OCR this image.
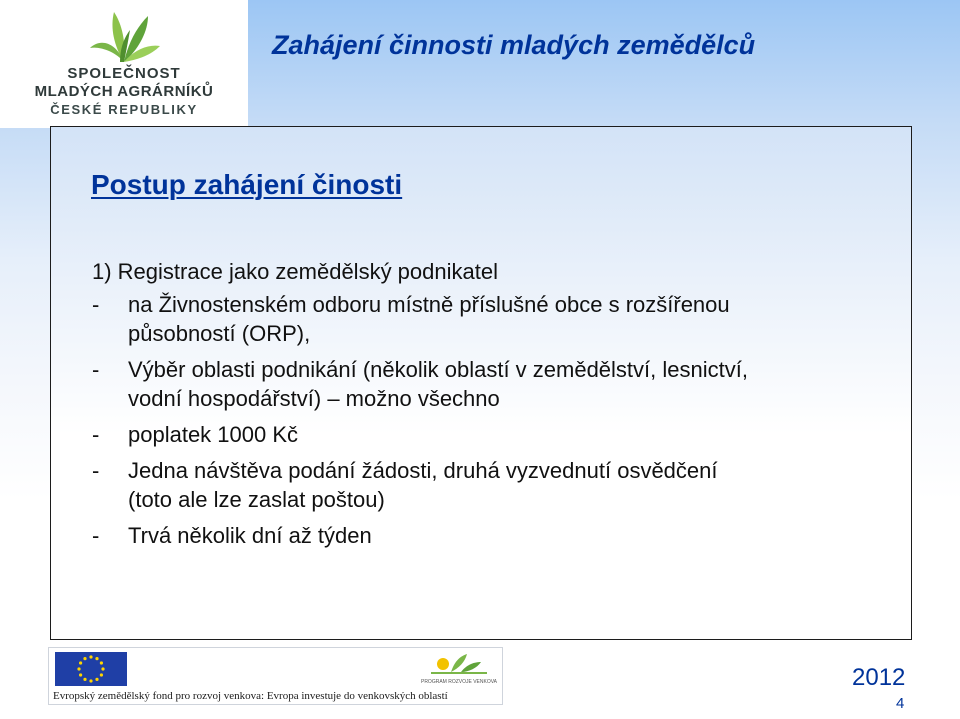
SPOLEČNOST
MLADÝCH AGRÁRNÍKŮ
ČESKÉ REPUBLIKY
Zahájení činnosti mladých zemědělců
Postup zahájení činosti

1) Registrace jako zemědělský podnikatel

- na Živnostenském odboru místně příslušné obce s rozšířenou

působností (ORP),

- Výběr oblasti podnikání (několik oblastí v zemědělství, lesnictví,

vodní hospodářství) – možno všechno

- poplatek 1000 Kč

- Jedna návštěva podání žádosti, druhá vyzvednutí osvědčení

(toto ale lze zaslat poštou)

- Trvá několik dní až týden

PROGRAM ROZVOJE VENKOVA
Evropský zemědělský fond pro rozvoj venkova: Evropa investuje do venkovských oblastí
2012
4
